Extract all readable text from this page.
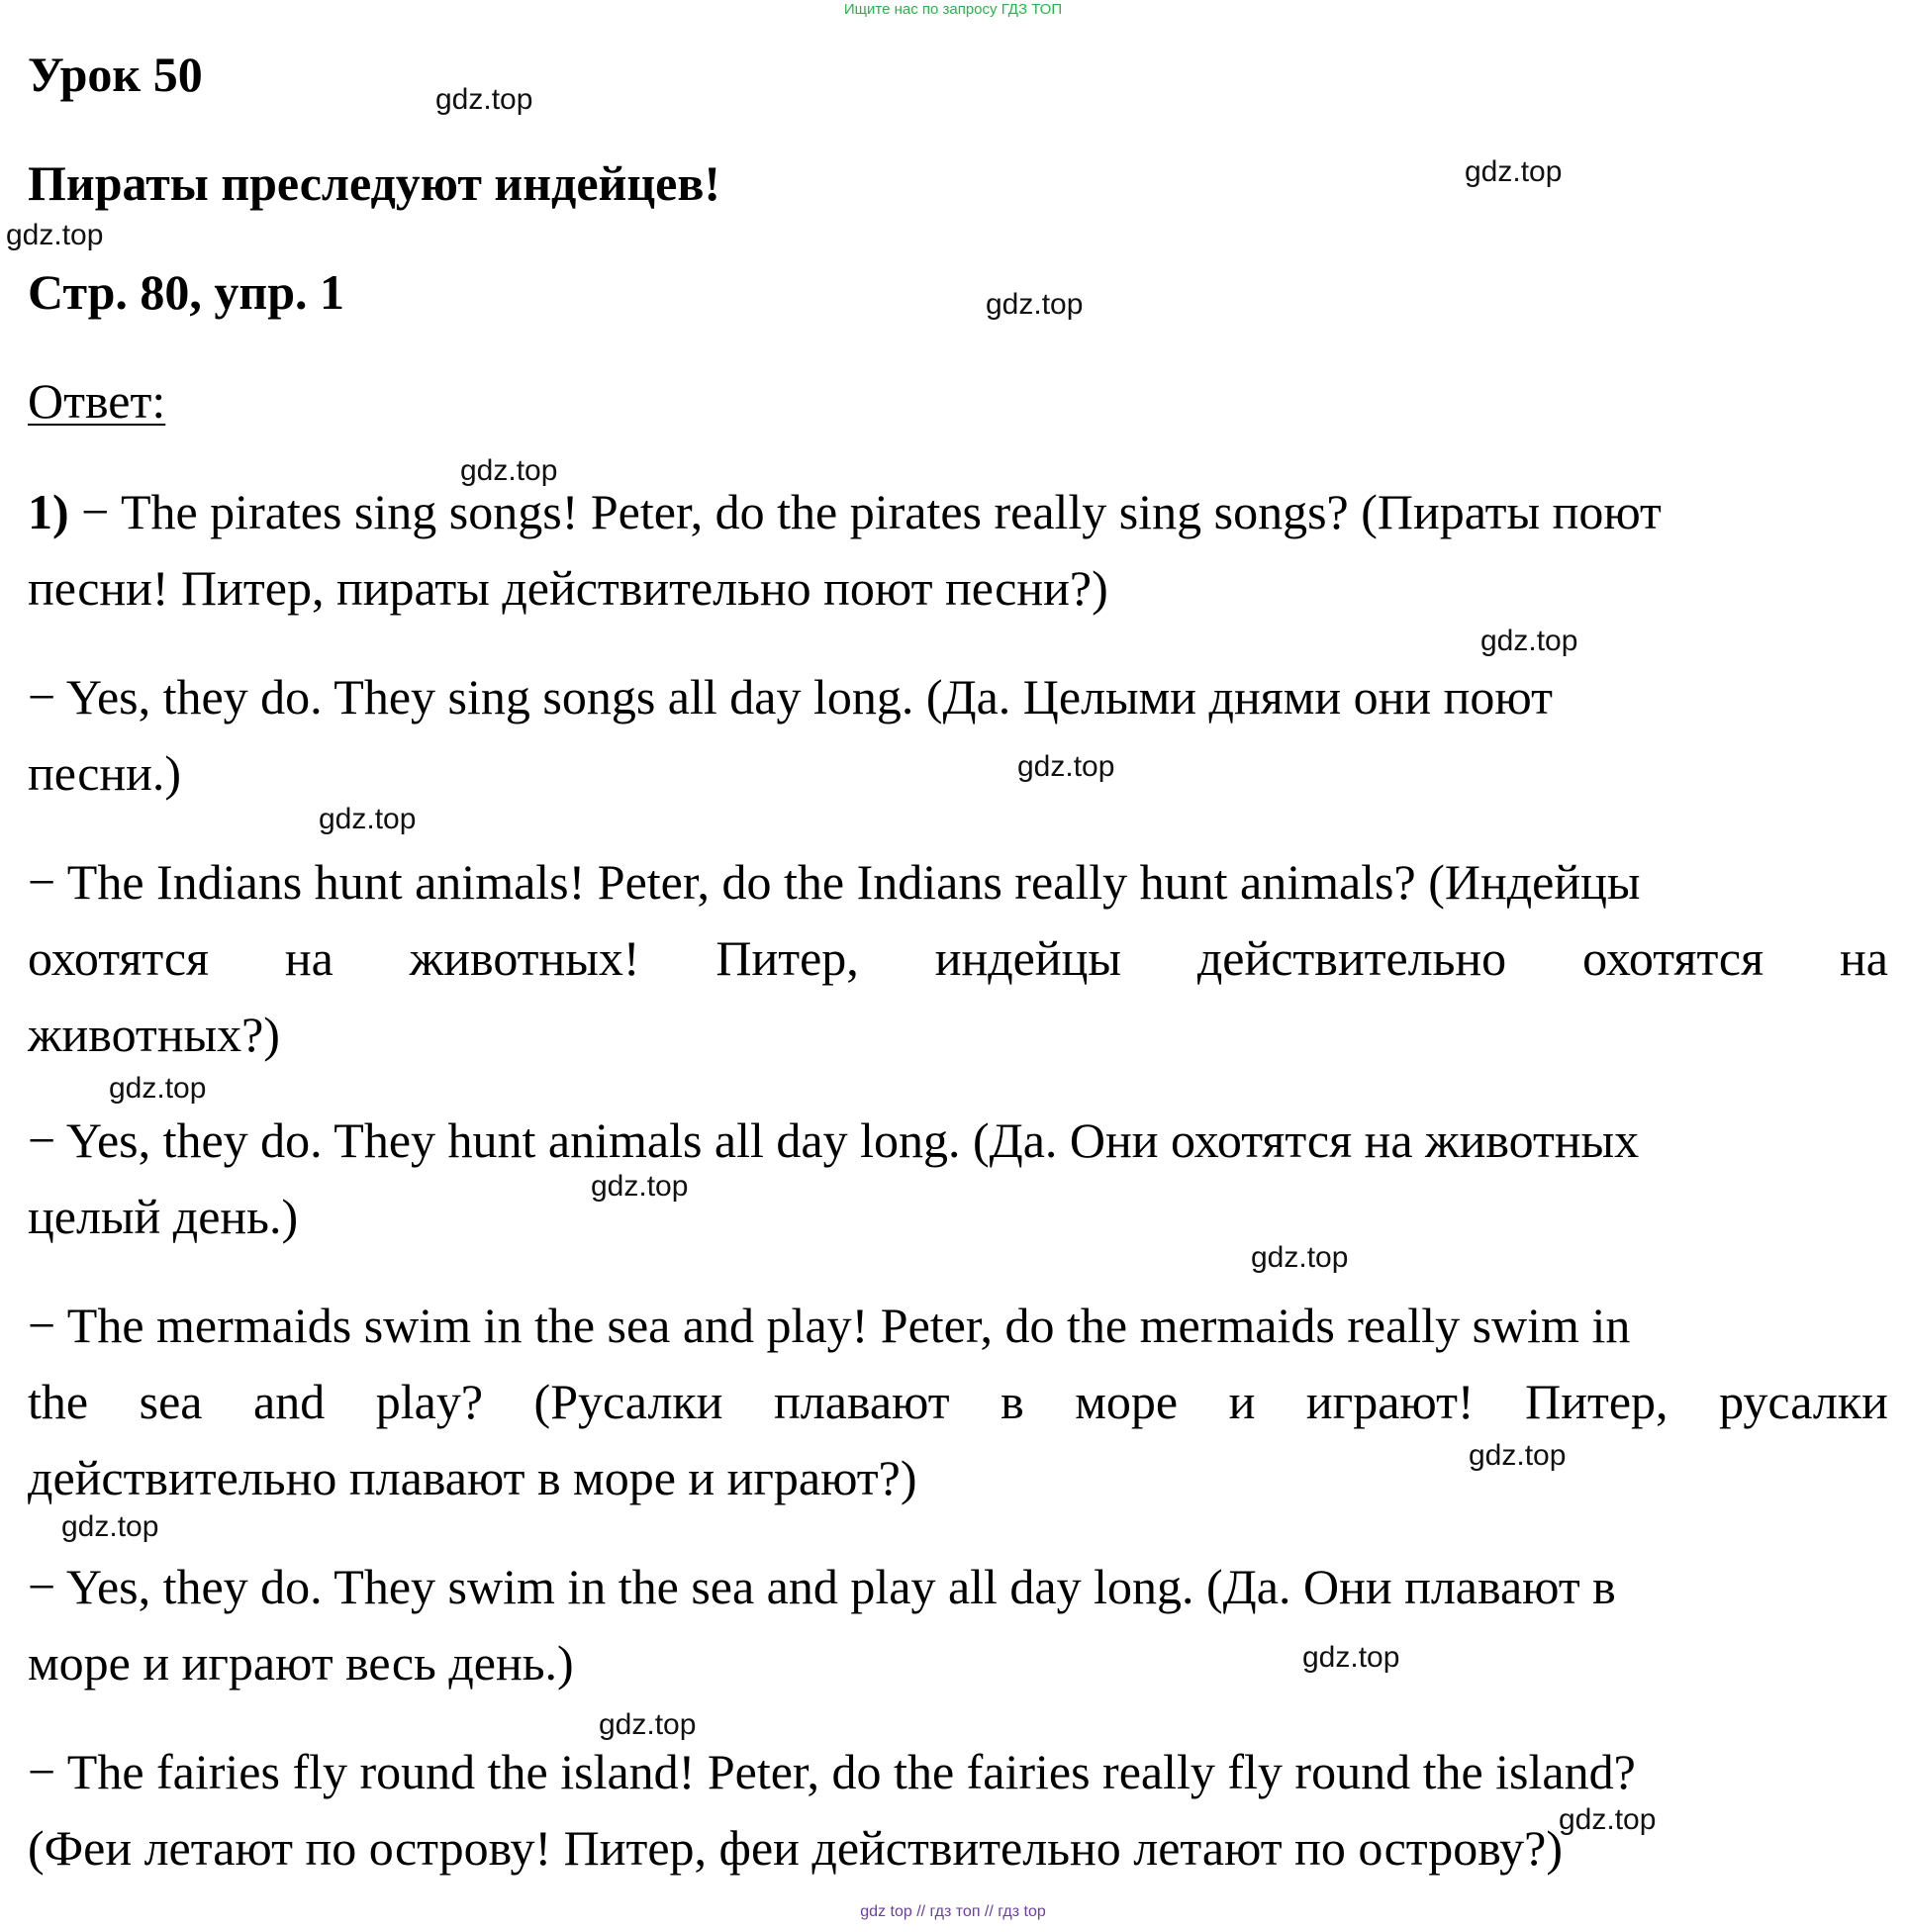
Ищите нас по запросу ГДЗ ТОП
Урок 50
Пираты преследуют индейцев!
Стр. 80, упр. 1
Ответ:
1) − The pirates sing songs! Peter, do the pirates really sing songs? (Пираты поют
песни! Питер, пираты действительно поют песни?)
− Yes, they do. They sing songs all day long. (Да. Целыми днями они поют
песни.)
− The Indians hunt animals! Peter, do the Indians really hunt animals? (Индейцы
охотятся на животных! Питер, индейцы действительно охотятся на
животных?)
− Yes, they do. They hunt animals all day long. (Да. Они охотятся на животных
целый день.)
− The mermaids swim in the sea and play! Peter, do the mermaids really swim in
the sea and play? (Русалки плавают в море и играют! Питер, русалки
действительно плавают в море и играют?)
− Yes, they do. They swim in the sea and play all day long. (Да. Они плавают в
море и играют весь день.)
− The fairies fly round the island! Peter, do the fairies really fly round the island?
(Феи летают по острову! Питер, феи действительно летают по острову?)
gdz.top
gdz.top
gdz.top
gdz.top
gdz.top
gdz.top
gdz.top
gdz.top
gdz.top
gdz.top
gdz.top
gdz.top
gdz.top
gdz.top
gdz.top
gdz.top
gdz top // гдз топ // гдз top
